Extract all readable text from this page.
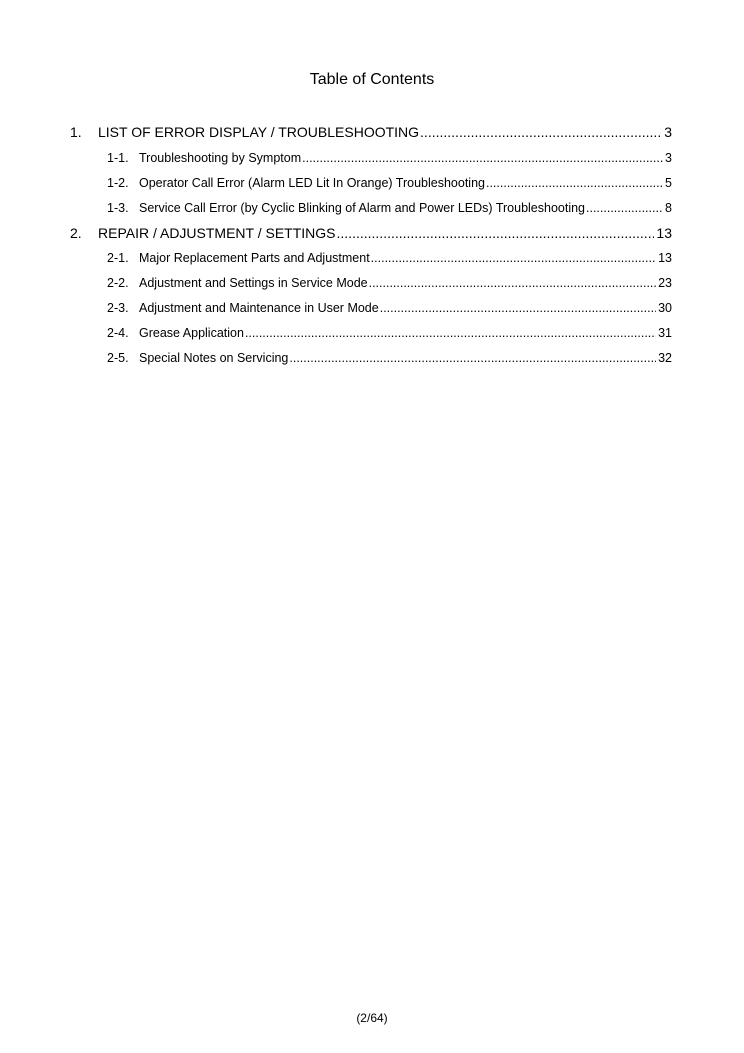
Table of Contents
1.	LIST OF ERROR DISPLAY / TROUBLESHOOTING .....	3
1-1. Troubleshooting by Symptom .....	3
1-2. Operator Call Error (Alarm LED Lit In Orange) Troubleshooting .....	5
1-3. Service Call Error (by Cyclic Blinking of Alarm and Power LEDs) Troubleshooting .....	8
2.	REPAIR / ADJUSTMENT / SETTINGS .....	13
2-1. Major Replacement Parts and Adjustment .....	13
2-2. Adjustment and Settings in Service Mode .....	23
2-3. Adjustment and Maintenance in User Mode .....	30
2-4. Grease Application .....	31
2-5. Special Notes on Servicing .....	32
(2/64)
